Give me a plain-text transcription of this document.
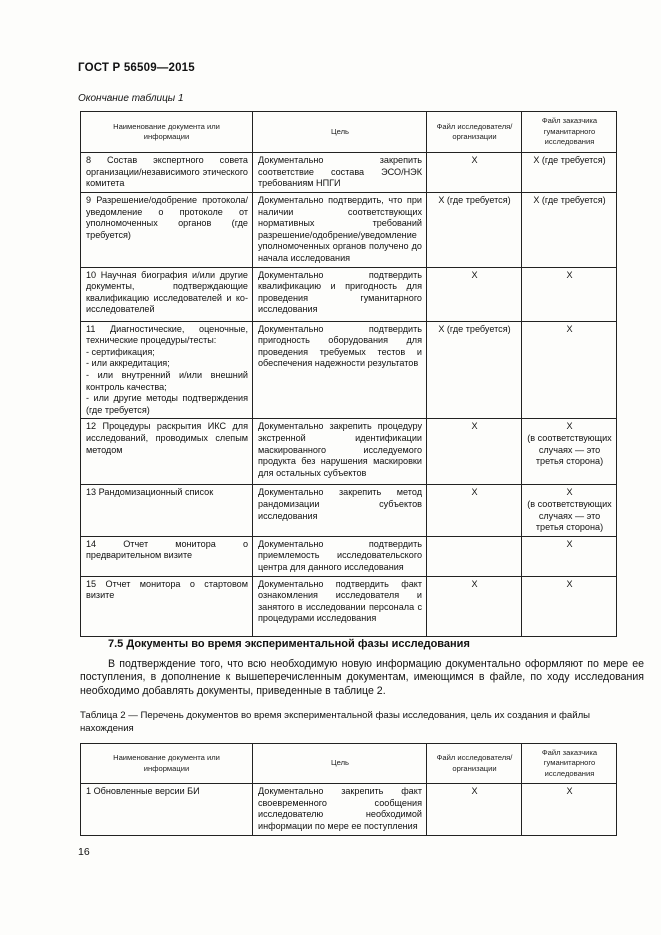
ГОСТ Р 56509—2015
Окончание таблицы 1
Наименование документа или информации	Цель	Файл исследователя/ организации	Файл заказчика гуманитарного исследования
8 Состав экспертного совета организации/независимого этического комитета	Документально закрепить соответствие состава ЭСО/НЭК требованиям НПГИ	X	X (где требуется)
9 Разрешение/одобрение протокола/уведомление о протоколе от уполномоченных органов (где требуется)	Документально подтвердить, что при наличии соответствующих нормативных требований разрешение/одобрение/уведомление уполномоченных органов получено до начала исследования	X (где требуется)	X (где требуется)
10 Научная биография и/или другие документы, подтверждающие квалификацию исследователей и ко-исследователей	Документально подтвердить квалификацию и пригодность для проведения гуманитарного исследования	X	X
11 Диагностические, оценочные, технические процедуры/тесты:
- сертификация;
- или аккредитация;
- или внутренний и/или внешний контроль качества;
- или другие методы подтверждения (где требуется)	Документально подтвердить пригодность оборудования для проведения требуемых тестов и обеспечения надежности результатов	X (где требуется)	X
12 Процедуры раскрытия ИКС для исследований, проводимых слепым методом	Документально закрепить процедуру экстренной идентификации маскированного исследуемого продукта без нарушения маскировки для остальных субъектов	X	X
(в соответствующих случаях — это третья сторона)
13 Рандомизационный список	Документально закрепить метод рандомизации субъектов исследования	X	X
(в соответствующих случаях — это третья сторона)
14 Отчет монитора о предварительном визите	Документально подтвердить приемлемость исследовательского центра для данного исследования		X
15 Отчет монитора о стартовом визите	Документально подтвердить факт ознакомления исследователя и занятого в исследовании персонала с процедурами исследования	X	X
7.5 Документы во время экспериментальной фазы исследования
В подтверждение того, что всю необходимую новую информацию документально оформляют по мере ее поступления, в дополнение к вышеперечисленным документам, имеющимся в файле, по ходу исследования необходимо добавлять документы, приведенные в таблице 2.
Таблица 2 — Перечень документов во время экспериментальной фазы исследования, цель их создания и файлы нахождения
Наименование документа или информации	Цель	Файл исследователя/ организации	Файл заказчика гуманитарного исследования
1 Обновленные версии БИ	Документально закрепить факт своевременного сообщения исследователю необходимой информации по мере ее поступления	X	X
16
